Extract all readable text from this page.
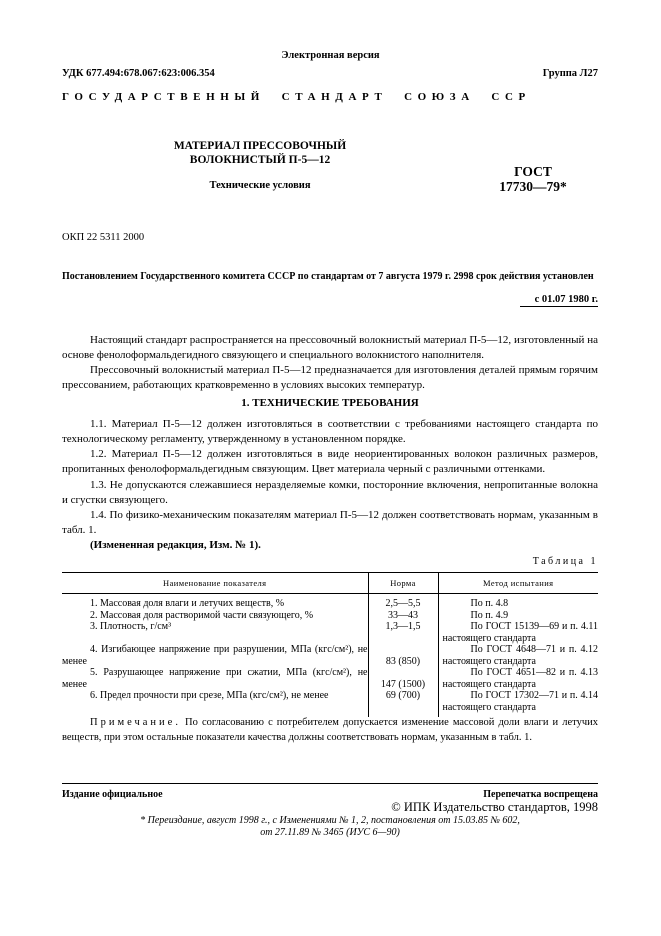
Электронная версия
УДК 677.494:678.067:623:006.354	Группа Л27
ГОСУДАРСТВЕННЫЙ  СТАНДАРТ  СОЮЗА  ССР
МАТЕРИАЛ ПРЕССОВОЧНЫЙ
ВОЛОКНИСТЫЙ П-5—12
Технические условия
ГОСТ
17730—79*
ОКП 22 5311 2000
Постановлением Государственного комитета СССР по стандартам от 7 августа 1979 г. 2998 срок действия установлен
с 01.07 1980 г.
Настоящий стандарт распространяется на прессовочный волокнистый материал П-5—12, изготовленный на основе фенолоформальдегидного связующего и специального волокнистого наполнителя.
Прессовочный волокнистый материал П-5—12 предназначается для изготовления деталей прямым горячим прессованием, работающих кратковременно в условиях высоких температур.
1. ТЕХНИЧЕСКИЕ ТРЕБОВАНИЯ
1.1. Материал П-5—12 должен изготовляться в соответствии с требованиями настоящего стандарта по технологическому регламенту, утвержденному в установленном порядке.
1.2. Материал П-5—12 должен изготовляться в виде неориентированных волокон различных размеров, пропитанных фенолоформальдегидным связующим. Цвет материала черный с различными оттенками.
1.3. Не допускаются слежавшиеся неразделяемые комки, посторонние включения, непропитанные волокна и сгустки связующего.
1.4. По физико-механическим показателям материал П-5—12 должен соответствовать нормам, указанным в табл. 1.
(Измененная редакция, Изм. № 1).
Таблица 1
Наименование показателя	Норма	Метод испытания
1. Массовая доля влаги и летучих веществ, %	2,5—5,5	По п. 4.8
2. Массовая доля растворимой части связующего, %	33—43	По п. 4.9
3. Плотность, г/см³	1,3—1,5	По ГОСТ 15139—69 и п. 4.11 настоящего стандарта
4. Изгибающее напряжение при разрушении, МПа (кгс/см²), не менее	83 (850)	По ГОСТ 4648—71 и п. 4.12 настоящего стандарта
5. Разрушающее напряжение при сжатии, МПа (кгс/см²), не менее	147 (1500)	По ГОСТ 4651—82 и п. 4.13 настоящего стандарта
6. Предел прочности при срезе, МПа (кгс/см²), не менее	69 (700)	По ГОСТ 17302—71 и п. 4.14 настоящего стандарта
Примечание. По согласованию с потребителем допускается изменение массовой доли влаги и летучих веществ, при этом остальные показатели качества должны соответствовать нормам, указанным в табл. 1.
Издание официальное	Перепечатка воспрещена
© ИПК Издательство стандартов, 1998
* Переиздание, август 1998 г., с Изменениями № 1, 2, постановления от 15.03.85 № 602,
от 27.11.89 № 3465 (ИУС 6—90)
